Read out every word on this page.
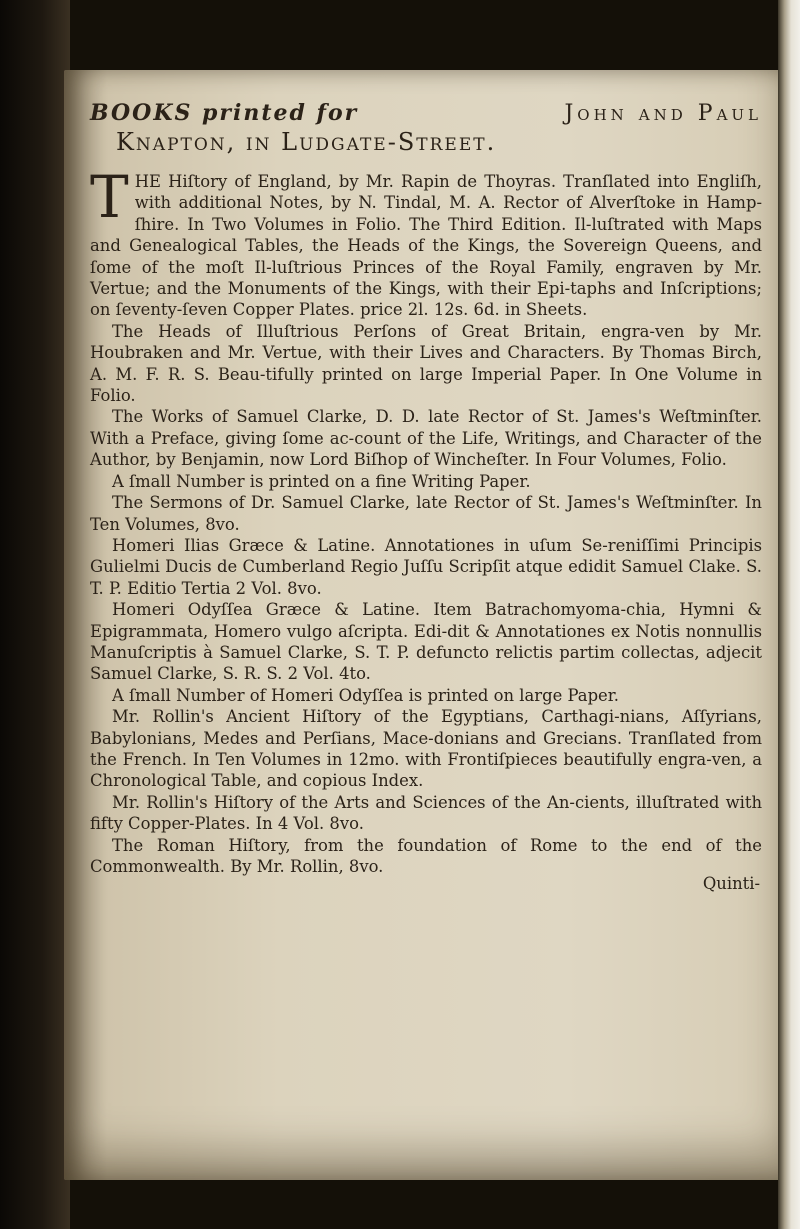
BOOKS printed for	John and Paul
Knapton, in Ludgate-Street.

THE Hiſtory of England, by Mr. Rapin de Thoyras. Tranſlated into Engliſh, with additional Notes, by N. Tindal, M. A. Rector of Alverſtoke in Hamp-ſhire. In Two Volumes in Folio. The Third Edition. Il-luſtrated with Maps and Genealogical Tables, the Heads of the Kings, the Sovereign Queens, and ſome of the moſt Il-luſtrious Princes of the Royal Family, engraven by Mr. Vertue; and the Monuments of the Kings, with their Epi-taphs and Inſcriptions; on ſeventy-ſeven Copper Plates. price 2l. 12s. 6d. in Sheets.

The Heads of Illuſtrious Perſons of Great Britain, engra-ven by Mr. Houbraken and Mr. Vertue, with their Lives and Characters. By Thomas Birch, A. M. F. R. S. Beau-tifully printed on large Imperial Paper. In One Volume in Folio.

The Works of Samuel Clarke, D. D. late Rector of St. James's Weſtminſter. With a Preface, giving ſome ac-count of the Life, Writings, and Character of the Author, by Benjamin, now Lord Biſhop of Wincheſter. In Four Volumes, Folio.

A ſmall Number is printed on a fine Writing Paper.

The Sermons of Dr. Samuel Clarke, late Rector of St. James's Weſtminſter. In Ten Volumes, 8vo.

Homeri Ilias Græce & Latine. Annotationes in uſum Se-reniſſimi Principis Gulielmi Ducis de Cumberland Regio Juſſu Scripſit atque edidit Samuel Clake. S. T. P. Editio Tertia 2 Vol. 8vo.

Homeri Odyſſea Græce & Latine. Item Batrachomyoma-chia, Hymni & Epigrammata, Homero vulgo aſcripta. Edi-dit & Annotationes ex Notis nonnullis Manuſcriptis à Samuel Clarke, S. T. P. defuncto relictis partim collectas, adjecit Samuel Clarke, S. R. S. 2 Vol. 4to.

A ſmall Number of Homeri Odyſſea is printed on large Paper.

Mr. Rollin's Ancient Hiſtory of the Egyptians, Carthagi-nians, Aſſyrians, Babylonians, Medes and Perſians, Mace-donians and Grecians. Tranſlated from the French. In Ten Volumes in 12mo. with Frontiſpieces beautifully engra-ven, a Chronological Table, and copious Index.

Mr. Rollin's Hiſtory of the Arts and Sciences of the An-cients, illuſtrated with fifty Copper-Plates. In 4 Vol. 8vo.

The Roman Hiſtory, from the foundation of Rome to the end of the Commonwealth. By Mr. Rollin, 8vo.

Quinti-
